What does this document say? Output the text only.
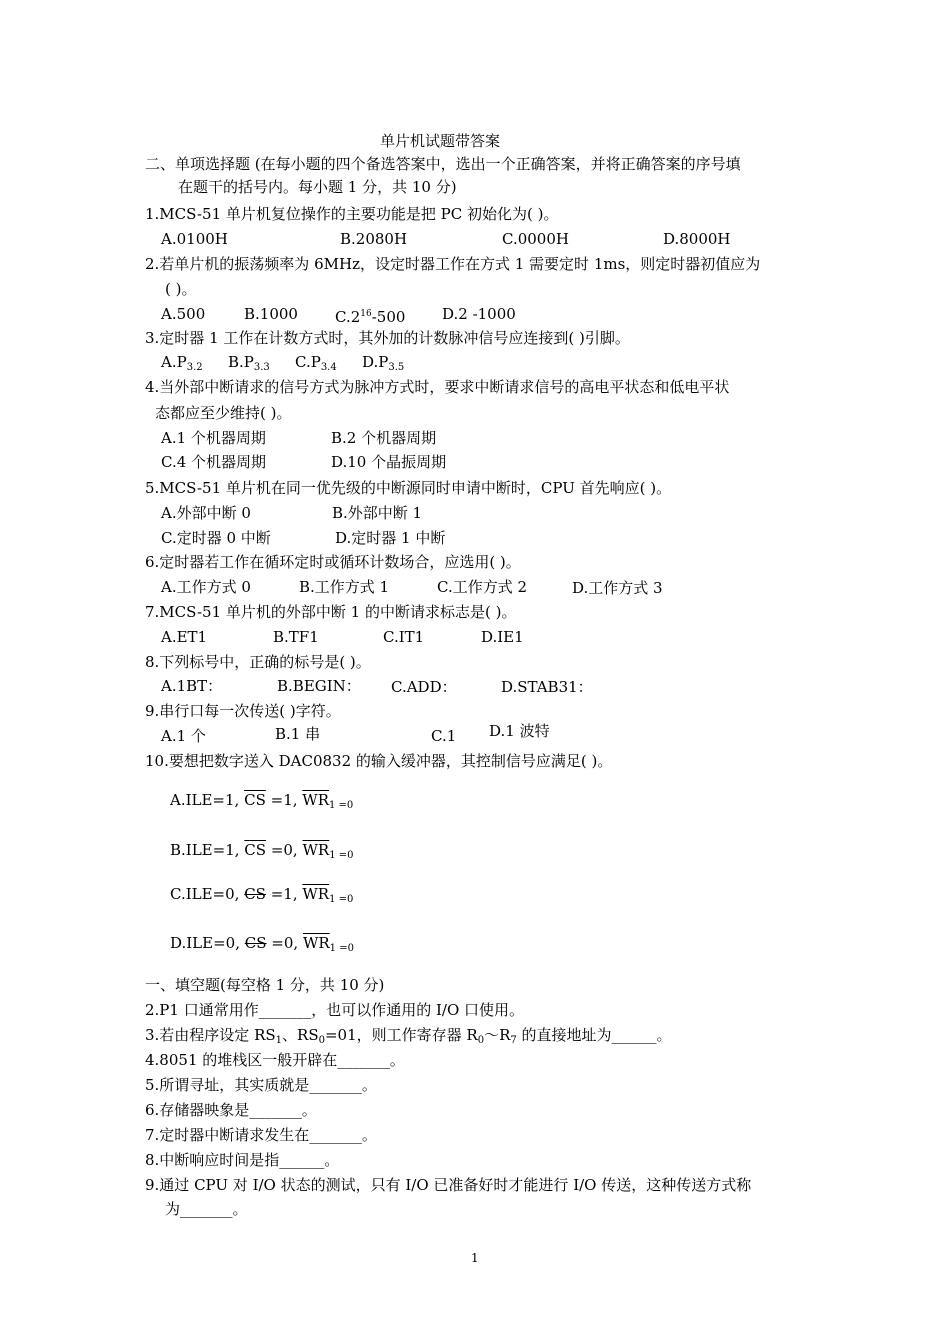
单片机试题带答案
二、单项选择题 (在每小题的四个备选答案中，选出一个正确答案，并将正确答案的序号填
在题干的括号内。每小题 1 分，共 10 分)
1.MCS-51 单片机复位操作的主要功能是把 PC 初始化为( )。
A.0100H	B.2080H	C.0000H	D.8000H
2.若单片机的振荡频率为 6MHz，设定时器工作在方式 1 需要定时 1ms，则定时器初值应为
( )。
A.500	B.1000 $C.2^{16}-500$ D.2 -1000
3.定时器 1 工作在计数方式时，其外加的计数脉冲信号应连接到( )引脚。
$A.P_{3.2}$ $B.P_{3.3}$ $C.P_{3.4}$ $D.P_{3.5}$
4.当外部中断请求的信号方式为脉冲方式时，要求中断请求信号的高电平状态和低电平状
态都应至少维持( )。
A.1 个机器周期	B.2 个机器周期
C.4 个机器周期	D.10 个晶振周期
5.MCS-51 单片机在同一优先级的中断源同时申请中断时，CPU 首先响应( )。
A.外部中断 0	B.外部中断 1
C.定时器 0 中断	D.定时器 1 中断
6.定时器若工作在循环定时或循环计数场合，应选用( )。
A.工作方式 0	B.工作方式 1	C.工作方式 2	D.工作方式 3
7.MCS-51 单片机的外部中断 1 的中断请求标志是( )。
A.ET1	B.TF1	C.IT1	D.IE1
8.下列标号中，正确的标号是( )。
A.1BT：	B.BEGIN： C.ADD：	D.STAB31：
9.串行口每一次传送( )字符。
A.1 个	B.1 串	C.1 D.1 波特
10.要想把数字送入 DAC0832 的输入缓冲器，其控制信号应满足( )。
A.ILE=1, $\overline{CS} =1$, $\overline{WR}_1$ $_{=0}$
B.ILE=1, $\overline{CS} =0$, $\overline{WR}_1$ $_{=0}$
C.ILE=0, CS =1, $\overline{WR}_1$ $_{=0}$
D.ILE=0, CS =0, $\overline{WR}_1$ $_{=0}$
一、填空题(每空格 1 分，共 10 分)
2.P1 口通常用作_______，也可以作通用的 I/O 口使用。
3.若由程序设定 $RS_1$、$RS_0=01$，则工作寄存器 $R_0\sim R_7$ 的直接地址为______。
4.8051 的堆栈区一般开辟在_______。
5.所谓寻址，其实质就是_______。
6.存储器映象是_______。
7.定时器中断请求发生在_______。
8.中断响应时间是指______。
9.通过 CPU 对 I/O 状态的测试，只有 I/O 已准备好时才能进行 I/O 传送，这种传送方式称
为_______。
1
